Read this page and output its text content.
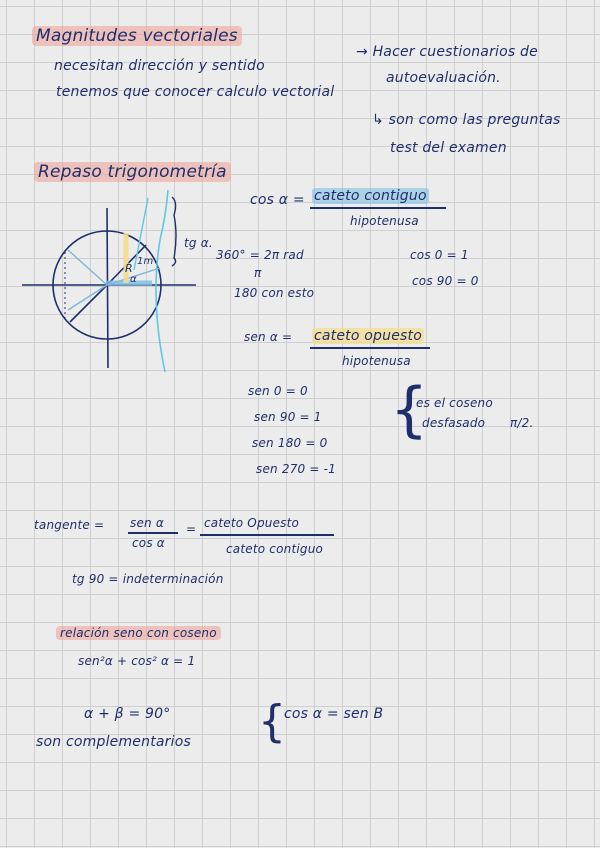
Magnitudes vectoriales
necesitan dirección y sentido
tenemos que conocer calculo vectorial
→ Hacer cuestionarios de
autoevaluación.
↳ son como las preguntas
test del examen
Repaso trigonometría
R
1m
α
tg α.
cos α = cateto contiguo
hipotenusa
360° = 2π rad
π
180 con esto
cos 0 = 1
cos 90 = 0
sen α = cateto opuesto
hipotenusa
sen 0 = 0
sen 90 = 1
sen 180 = 0
sen 270 = -1
{
es el coseno
desfasado π/2.
tangente = sen α
cos α
= cateto Opuesto
cateto contiguo
tg 90 = indeterminación
relación seno con coseno
sen²α + cos² α = 1
α + β = 90° {
cos α = sen B
son complementarios
